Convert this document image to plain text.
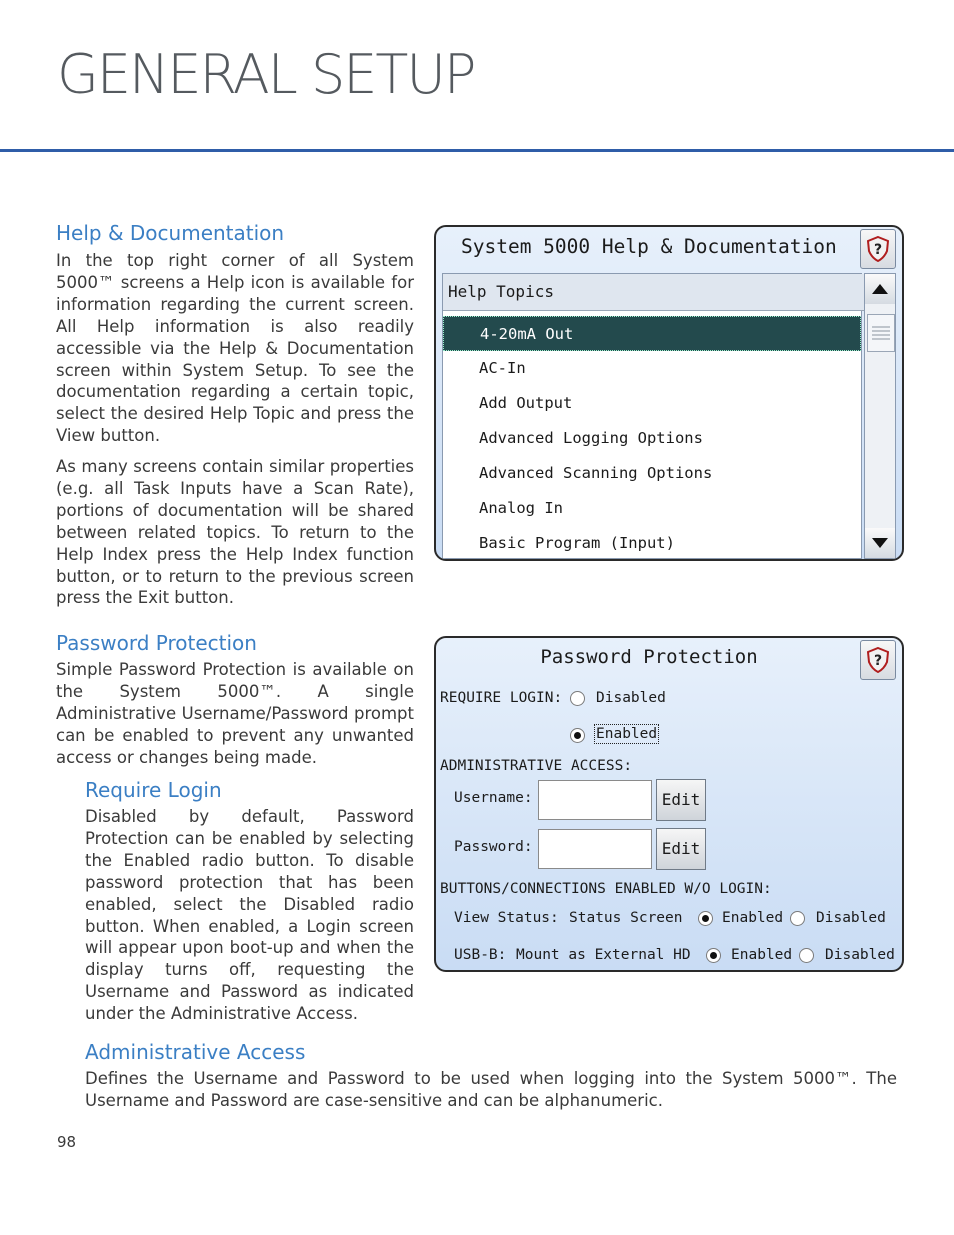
GENERAL SETUP
Help & Documentation

In the top right corner of all System 5000™ screens a Help icon is available for information regarding the current screen. All Help information is also readily accessible via the Help & Documentation screen within System Setup. To see the documentation regarding a certain topic, select the desired Help Topic and press the View button.

As many screens contain similar properties (e.g. all Task Inputs have a Scan Rate), portions of documentation will be shared between related topics. To return to the Help Index press the Help Index function button, or to return to the previous screen press the Exit button.

System 5000 Help & Documentation	?
Help Topics
4-20mA Out
AC-In
Add Output
Advanced Logging Options
Advanced Scanning Options
Analog In
Basic Program (Input)
Password Protection

Simple Password Protection is available on the System 5000™. A single Administrative Username/Password prompt can be enabled to prevent any unwanted access or changes being made.

Require Login

Disabled by default, Password Protection can be enabled by selecting the Enabled radio button. To disable password protection that has been enabled, select the Disabled radio button. When enabled, a Login screen will appear upon boot-up and when the display turns off, requesting the Username and Password as indicated under the Administrative Access.

Administrative Access

Defines the Username and Password to be used when logging into the System 5000™. The Username and Password are case-sensitive and can be alphanumeric.

Password Protection	?
REQUIRE LOGIN: Disabled
Enabled
ADMINISTRATIVE ACCESS:
Username:	Edit
Password:	Edit
BUTTONS/CONNECTIONS ENABLED W/O LOGIN:
View Status: Status Screen	Enabled Disabled
USB-B: Mount as External HD	Enabled Disabled
98
